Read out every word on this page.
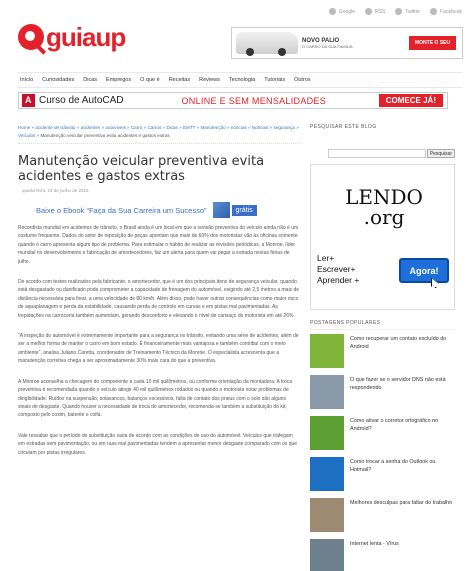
Google	RSS	Twitter	Facebook
guiaup	NOVO PALIO
O CARRO DA SUA FAMÍLIA	MONTE O SEU
Início Curiosidades Dicas Empregos O que é Receitas Reviews Tecnologia Tutoriais Outros
A
Curso de AutoCAD	ONLINE E SEM MENSALIDADES	COMECE JÁ!
Home » acidente de trânsito » acidentes » autoviveis » Carro » Carros » Dicas » EMTT » Manutenção » notícias » Notícias » segurança » Veículos » Manutenção veicular preventiva evita acidentes e gastos extras
Manutenção veicular preventiva evita acidentes e gastos extras
quarta-feira, 24 de junho de 2015
Baixe o Ebook “Faça da Sua Carreira um Sucesso”	grátis

Recordista mundial em acidentes de trânsito, o Brasil ainda é um local em que a revisão preventiva do veículo ainda não é um costume frequente. Dados do setor de reposição de peças apontam que mais de 60% dos motoristas vão às oficinas somente quando o carro apresenta algum tipo de problema. Para estimular o hábito de realizar as revisões periódicas, a Monroe, líder mundial no desenvolvimento e fabricação de amortecedores, faz um alerta para quem vai pegar a estrada nestas férias de julho.

De acordo com testes realizados pela fabricante, o amortecedor, que é um dos principais itens de segurança veicular, quando está desgastado ou danificado pode comprometer a capacidade de frenagem do automóvel, exigindo até 2,5 metros a mais de distância necessária para frear, a uma velocidade de 80 km/h. Além disso, pode haver outras consequências como maior risco de aquaplanagem e perda da estabilidade, causando perda de controle em curvas e em pistas mal pavimentadas. As trepidações na carroceria também aumentam, gerando desconforto e elevando o nível de cansaço do motorista em até 26%.

"A inspeção do automóvel é extremamente importante para a segurança no trânsito, evitando uma série de acidentes, além de ser a melhor forma de manter o carro em bom estado. É financeiramente mais vantajosa e também contribui com o meio ambiente", analisa Juliano Caretta, coordenador de Treinamento Técnico da Monroe. O especialista acrescenta que a manutenção corretiva chega a ser aproximadamente 30% mais cara do que a preventiva.

A Monroe aconselha a checagem do componente a cada 10 mil quilômetros, ou conforme orientação da montadora. A troca preventiva é recomendada quando o veículo atingir 40 mil quilômetros rodados ou quando o motorista notar problemas de dirigibilidade. Ruídos na suspensão, solavancos, balanços excessivos, falta de contato dos pneus com o solo são alguns sinais de desgaste. Quando houver a necessidade de troca do amortecedor, recomenda-se também a substituição do kit, composto pelo coxim, batente e coifa.

Vale ressaltar que o período de substituição varia de acordo com as condições de uso do automóvel. Veículos que trafegam em estradas sem pavimentação, ou em ruas mal pavimentadas tendem a apresentar menor desgaste comparado com os que circulam por pistas irregulares.

PESQUISAR ESTE BLOG
Pesquisar
LENDO
.org
Ler+
Escrever+
Aprender +
Agora!
POSTAGENS POPULARES
Como recuperar um contato excluído do Android
O que fazer se o servidor DNS não está respondendo
Como ativar o corretor ortográfico no Android?
Como trocar a senha do Outlook ou Hotmail?
Melhores desculpas para faltar do trabalho
Internet lenta - Vírus
